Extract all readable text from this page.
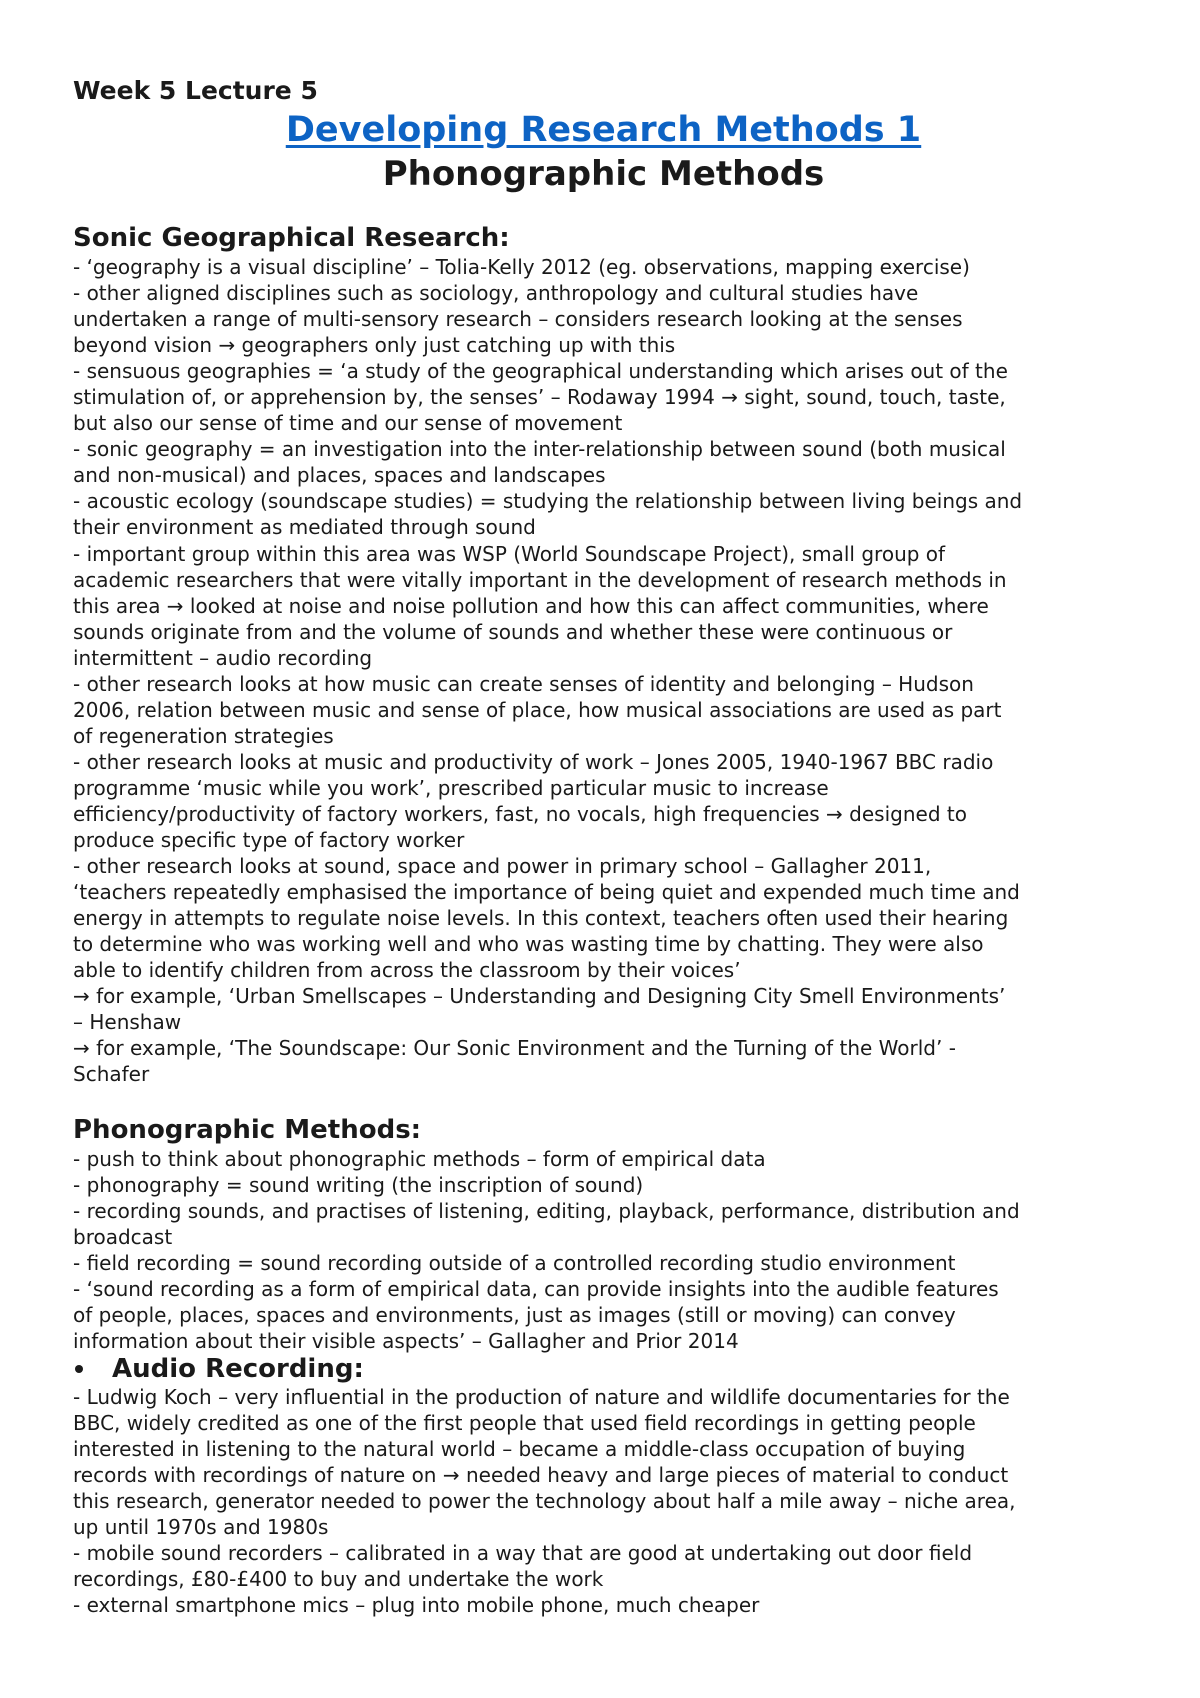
Week 5 Lecture 5

Developing Research Methods 1

Phonographic Methods

Sonic Geographical Research:

- ‘geography is a visual discipline’ – Tolia-Kelly 2012 (eg. observations, mapping exercise)

- other aligned disciplines such as sociology, anthropology and cultural studies have

undertaken a range of multi-sensory research – considers research looking at the senses

beyond vision → geographers only just catching up with this

- sensuous geographies = ‘a study of the geographical understanding which arises out of the

stimulation of, or apprehension by, the senses’ – Rodaway 1994 → sight, sound, touch, taste,

but also our sense of time and our sense of movement

- sonic geography = an investigation into the inter-relationship between sound (both musical

and non-musical) and places, spaces and landscapes

- acoustic ecology (soundscape studies) = studying the relationship between living beings and

their environment as mediated through sound

- important group within this area was WSP (World Soundscape Project), small group of

academic researchers that were vitally important in the development of research methods in

this area → looked at noise and noise pollution and how this can affect communities, where

sounds originate from and the volume of sounds and whether these were continuous or

intermittent – audio recording

- other research looks at how music can create senses of identity and belonging – Hudson

2006, relation between music and sense of place, how musical associations are used as part

of regeneration strategies

- other research looks at music and productivity of work – Jones 2005, 1940-1967 BBC radio

programme ‘music while you work’, prescribed particular music to increase

efficiency/productivity of factory workers, fast, no vocals, high frequencies → designed to

produce specific type of factory worker

- other research looks at sound, space and power in primary school – Gallagher 2011,

‘teachers repeatedly emphasised the importance of being quiet and expended much time and

energy in attempts to regulate noise levels. In this context, teachers often used their hearing

to determine who was working well and who was wasting time by chatting. They were also

able to identify children from across the classroom by their voices’

→ for example, ‘Urban Smellscapes – Understanding and Designing City Smell Environments’

– Henshaw

→ for example, ‘The Soundscape: Our Sonic Environment and the Turning of the World’ -

Schafer

Phonographic Methods:

- push to think about phonographic methods – form of empirical data

- phonography = sound writing (the inscription of sound)

- recording sounds, and practises of listening, editing, playback, performance, distribution and

broadcast

- field recording = sound recording outside of a controlled recording studio environment

- ‘sound recording as a form of empirical data, can provide insights into the audible features

of people, places, spaces and environments, just as images (still or moving) can convey

information about their visible aspects’ – Gallagher and Prior 2014

Audio Recording:

- Ludwig Koch – very influential in the production of nature and wildlife documentaries for the

BBC, widely credited as one of the first people that used field recordings in getting people

interested in listening to the natural world – became a middle-class occupation of buying

records with recordings of nature on → needed heavy and large pieces of material to conduct

this research, generator needed to power the technology about half a mile away – niche area,

up until 1970s and 1980s

- mobile sound recorders – calibrated in a way that are good at undertaking out door field

recordings, £80-£400 to buy and undertake the work

- external smartphone mics – plug into mobile phone, much cheaper
